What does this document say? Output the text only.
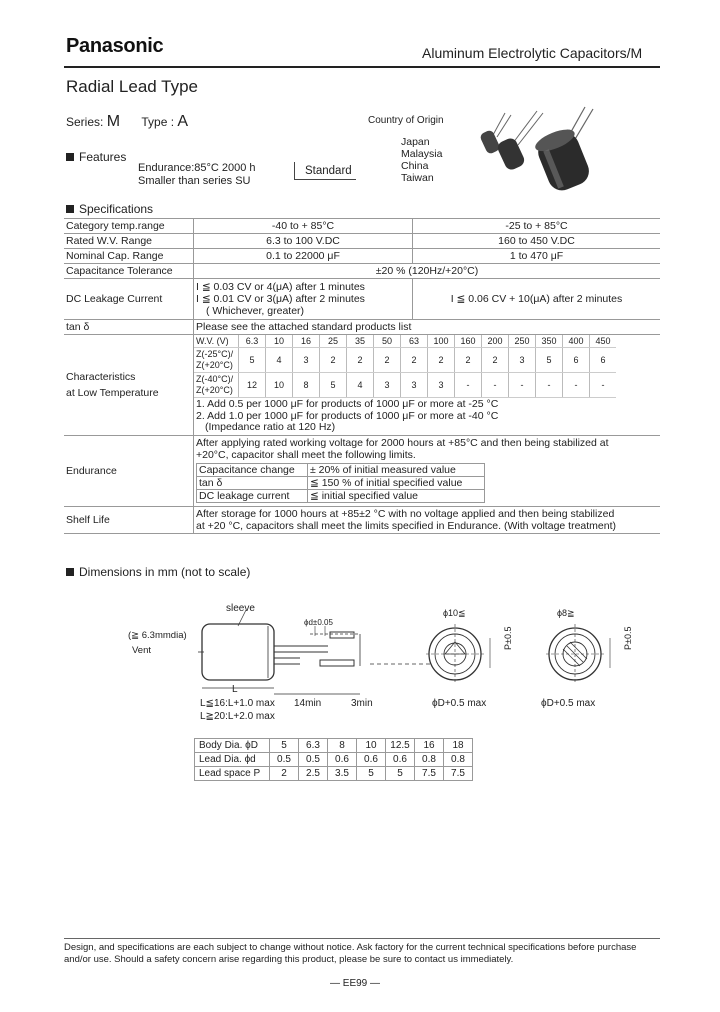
Panasonic	Aluminum Electrolytic Capacitors/M
Radial Lead Type
Series: M Type : A	Country of Origin
Japan
Malaysia
China
Taiwan
Features
Endurance:85°C 2000 h
Smaller than series SU
Standard
Specifications
Category temp.range	-40 to + 85°C	-25 to + 85°C
Rated W.V. Range	6.3 to 100 V.DC	160 to 450 V.DC
Nominal Cap. Range	0.1 to 22000 μF	1 to 470 μF
Capacitance Tolerance	±20 % (120Hz/+20°C)
DC Leakage Current	
I ≦ 0.03 CV or 4(μA) after 1 minutes
I ≦ 0.01 CV or 3(μA) after 2 minutes
( Whichever, greater)
	I ≦ 0.06 CV + 10(μA) after 2 minutes
tan δ	Please see the attached standard products list

Characteristics
at Low Temperature

W.V. (V)	6.3	10	16	25	35	50	63	100	160	200	250	350	400	450

Z(-25°C)/
Z(+20°C)	5	4	3	2	2	2	2	2	2	2	3	5	6	6

Z(-40°C)/
Z(+20°C)	12	10	8	5	4	3	3	3	-	-	-	-	-	-
1. Add 0.5 per 1000 μF for products of 1000 μF or more at -25 °C
2. Add 1.0 per 1000 μF for products of 1000 μF or more at -40 °C
(Impedance ratio at 120 Hz)

Endurance	
After applying rated working voltage for 2000 hours at +85°C and then being stabilized at
+20°C, capacitor shall meet the following limits.
Capacitance change	± 20% of initial measured value
tan δ	≦ 150 % of initial specified value
DC leakage current	≦ initial specified value

Shelf Life	After storage for 1000 hours at +85±2 °C with no voltage applied and then being stabilized
at +20 °C, capacitors shall meet the limits specified in Endurance. (With voltage treatment)
Dimensions in mm (not to scale)
sleeve
(≧ 6.3mmdia)
Vent
ϕd±0.05
L
L≦16:L+1.0 max
L≧20:L+2.0 max
14min	3min
ϕ10≦	ϕ8≧
P±0.5	P±0.5
ϕD+0.5 max	ϕD+0.5 max
Body Dia. ϕD	5	6.3	8	10	12.5	16	18
Lead Dia. ϕd	0.5	0.5	0.6	0.6	0.6	0.8	0.8
Lead space P	2	2.5	3.5	5	5	7.5	7.5
Design, and specifications are each subject to change without notice. Ask factory for the current technical specifications before purchase
and/or use. Should a safety concern arise regarding this product, please be sure to contact us immediately.
— EE99 —
